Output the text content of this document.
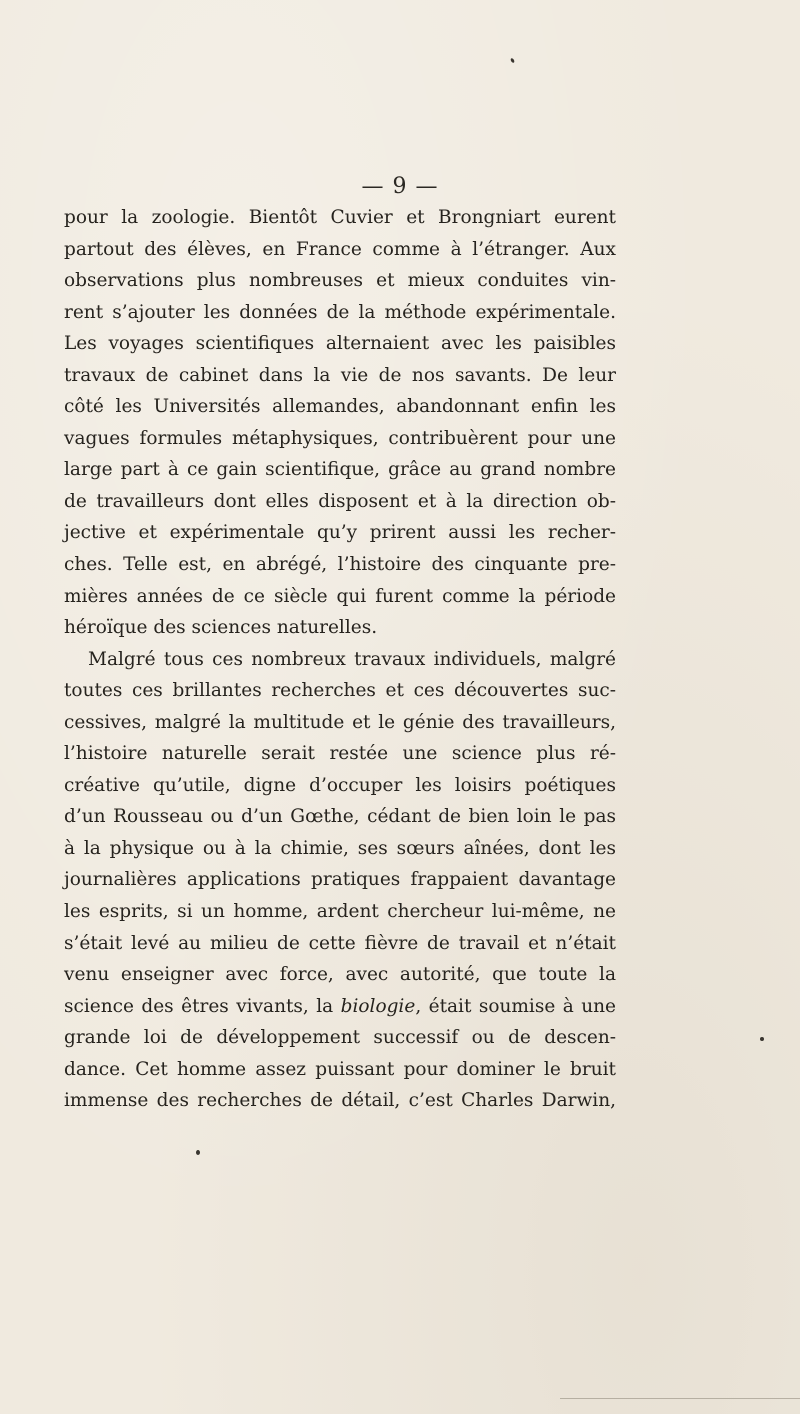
— 9 —
pour la zoologie. Bientôt Cuvier et Brongniart eurent
partout des élèves, en France comme à l’étranger. Aux
observations plus nombreuses et mieux conduites vin-
rent s’ajouter les données de la méthode expérimentale.
Les voyages scientifiques alternaient avec les paisibles
travaux de cabinet dans la vie de nos savants. De leur
côté les Universités allemandes, abandonnant enfin les
vagues formules métaphysiques, contribuèrent pour une
large part à ce gain scientifique, grâce au grand nombre
de travailleurs dont elles disposent et à la direction ob-
jective et expérimentale qu’y prirent aussi les recher-
ches. Telle est, en abrégé, l’histoire des cinquante pre-
mières années de ce siècle qui furent comme la période
héroïque des sciences naturelles.
Malgré tous ces nombreux travaux individuels, malgré
toutes ces brillantes recherches et ces découvertes suc-
cessives, malgré la multitude et le génie des travailleurs,
l’histoire naturelle serait restée une science plus ré-
créative qu’utile, digne d’occuper les loisirs poétiques
d’un Rousseau ou d’un Gœthe, cédant de bien loin le pas
à la physique ou à la chimie, ses sœurs aînées, dont les
journalières applications pratiques frappaient davantage
les esprits, si un homme, ardent chercheur lui-même, ne
s’était levé au milieu de cette fièvre de travail et n’était
venu enseigner avec force, avec autorité, que toute la
science des êtres vivants, la biologie, était soumise à une
grande loi de développement successif ou de descen-
dance. Cet homme assez puissant pour dominer le bruit
immense des recherches de détail, c’est Charles Darwin,
